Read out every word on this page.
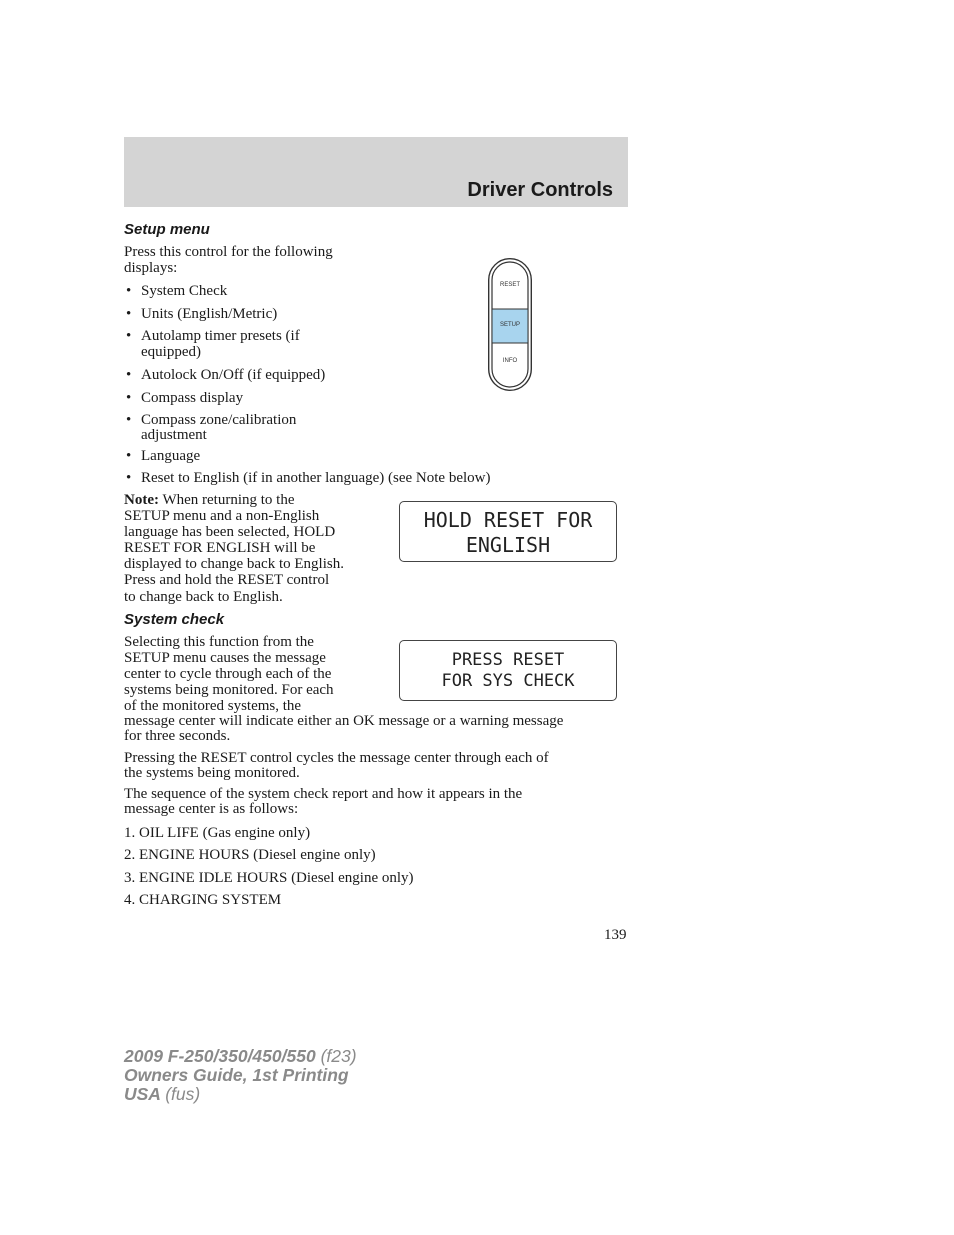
Driver Controls
Setup menu
Press this control for the following
displays:
• System Check
• Units (English/Metric)
• Autolamp timer presets (if
equipped)
• Autolock On/Off (if equipped)
• Compass display
• Compass zone/calibration
adjustment
• Language
• Reset to English (if in another language) (see Note below)
Note: When returning to the
SETUP menu and a non-English
language has been selected, HOLD
RESET FOR ENGLISH will be
displayed to change back to English.
Press and hold the RESET control
to change back to English.
RESET
SETUP
INFO
HOLD RESET FOR
ENGLISH
System check
Selecting this function from the
SETUP menu causes the message
center to cycle through each of the
systems being monitored. For each
of the monitored systems, the
message center will indicate either an OK message or a warning message
for three seconds.
PRESS RESET
FOR SYS CHECK
Pressing the RESET control cycles the message center through each of
the systems being monitored.
The sequence of the system check report and how it appears in the
message center is as follows:
1. OIL LIFE (Gas engine only)
2. ENGINE HOURS (Diesel engine only)
3. ENGINE IDLE HOURS (Diesel engine only)
4. CHARGING SYSTEM
139
2009 F-250/350/450/550 (f23)
Owners Guide, 1st Printing
USA (fus)
